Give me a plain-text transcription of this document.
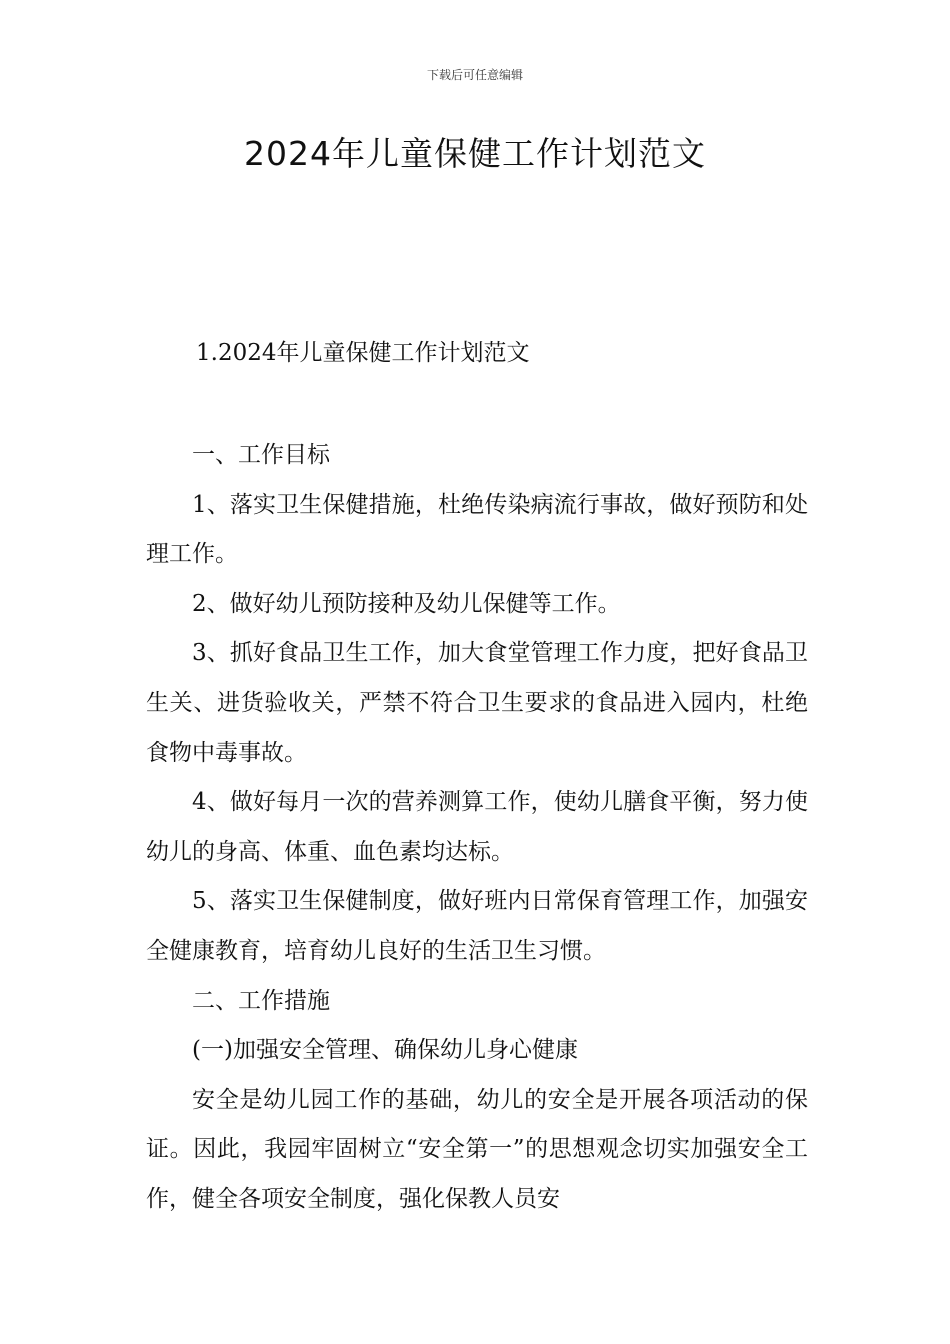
下载后可任意编辑
2024年儿童保健工作计划范文
1.2024年儿童保健工作计划范文

一、工作目标

1、落实卫生保健措施，杜绝传染病流行事故，做好预防和处理工作。

2、做好幼儿预防接种及幼儿保健等工作。

3、抓好食品卫生工作，加大食堂管理工作力度，把好食品卫生关、进货验收关，严禁不符合卫生要求的食品进入园内，杜绝食物中毒事故。

4、做好每月一次的营养测算工作，使幼儿膳食平衡，努力使幼儿的身高、体重、血色素均达标。

5、落实卫生保健制度，做好班内日常保育管理工作，加强安全健康教育，培育幼儿良好的生活卫生习惯。

二、工作措施

(一)加强安全管理、确保幼儿身心健康

安全是幼儿园工作的基础，幼儿的安全是开展各项活动的保证。因此，我园牢固树立“安全第一”的思想观念切实加强安全工作，健全各项安全制度，强化保教人员安
